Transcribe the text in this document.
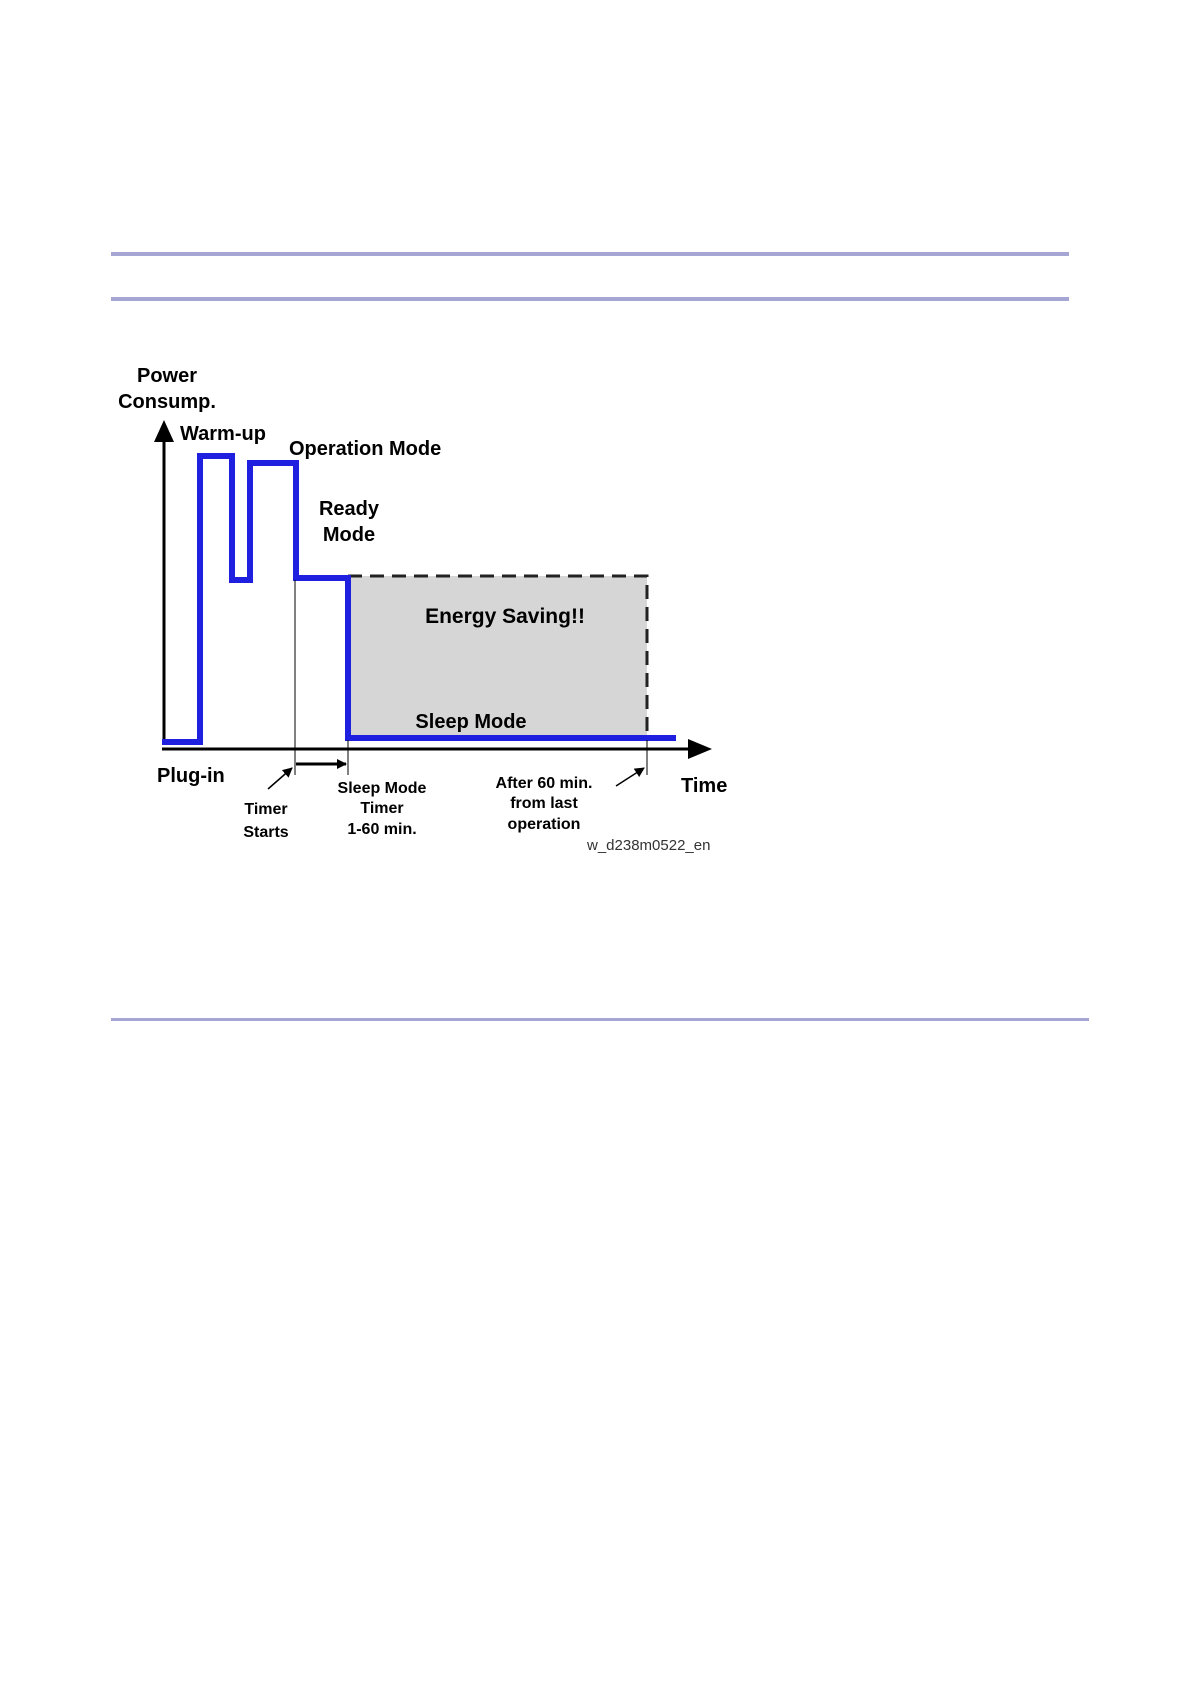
Power
Consump.
Warm-up
Operation Mode
Ready
Mode
Energy Saving!!
Sleep Mode
Plug-in	Time
Timer
Starts
Sleep Mode
Timer
1-60 min.
After 60 min.
from last
operation
w_d238m0522_en
